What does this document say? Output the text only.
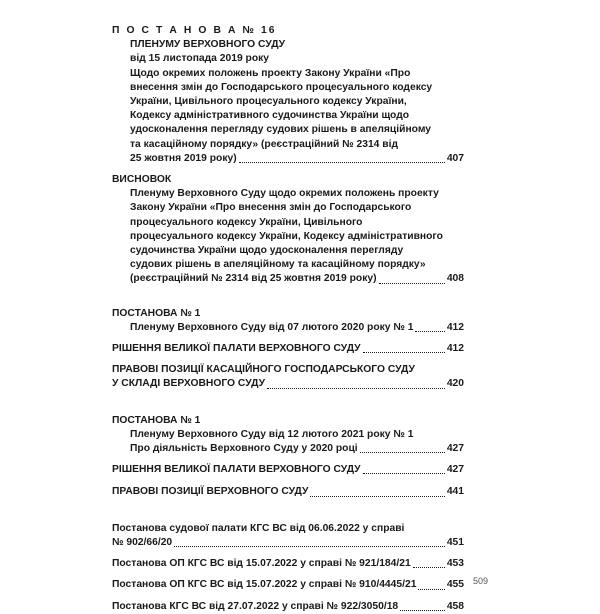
П О С Т А Н О В А № 16
ПЛЕНУМУ ВЕРХОВНОГО СУДУ
від 15 листопада 2019 року
Щодо окремих положень проекту Закону України «Про
внесення змін до Господарського процесуального кодексу
України, Цивільного процесуального кодексу України,
Кодексу адміністративного судочинства України щодо
удосконалення перегляду судових рішень в апеляційному
та касаційному порядку» (реєстраційний № 2314 від
25 жовтня 2019 року)	407
ВИСНОВОК
Пленуму Верховного Суду щодо окремих положень проекту
Закону України «Про внесення змін до Господарського
процесуального кодексу України, Цивільного
процесуального кодексу України, Кодексу адміністративного
судочинства України щодо удосконалення перегляду
судових рішень в апеляційному та касаційному порядку»
(реєстраційний № 2314 від 25 жовтня 2019 року)	408
ПОСТАНОВА № 1
Пленуму Верховного Суду від 07 лютого 2020 року № 1	412
РІШЕННЯ ВЕЛИКОЇ ПАЛАТИ ВЕРХОВНОГО СУДУ	412
ПРАВОВІ ПОЗИЦІЇ КАСАЦІЙНОГО ГОСПОДАРСЬКОГО СУДУ
У СКЛАДІ ВЕРХОВНОГО СУДУ	420
ПОСТАНОВА № 1
Пленуму Верховного Суду від 12 лютого 2021 року № 1
Про діяльність Верховного Суду у 2020 році	427
РІШЕННЯ ВЕЛИКОЇ ПАЛАТИ ВЕРХОВНОГО СУДУ	427
ПРАВОВІ ПОЗИЦІЇ ВЕРХОВНОГО СУДУ	441
Постанова судової палати КГС ВС від 06.06.2022 у справі
№ 902/66/20	451
Постанова ОП КГС ВС від 15.07.2022 у справі № 921/184/21	453
Постанова ОП КГС ВС від 15.07.2022 у справі № 910/4445/21	455
Постанова КГС ВС від 27.07.2022 у справі № 922/3050/18	458
509
